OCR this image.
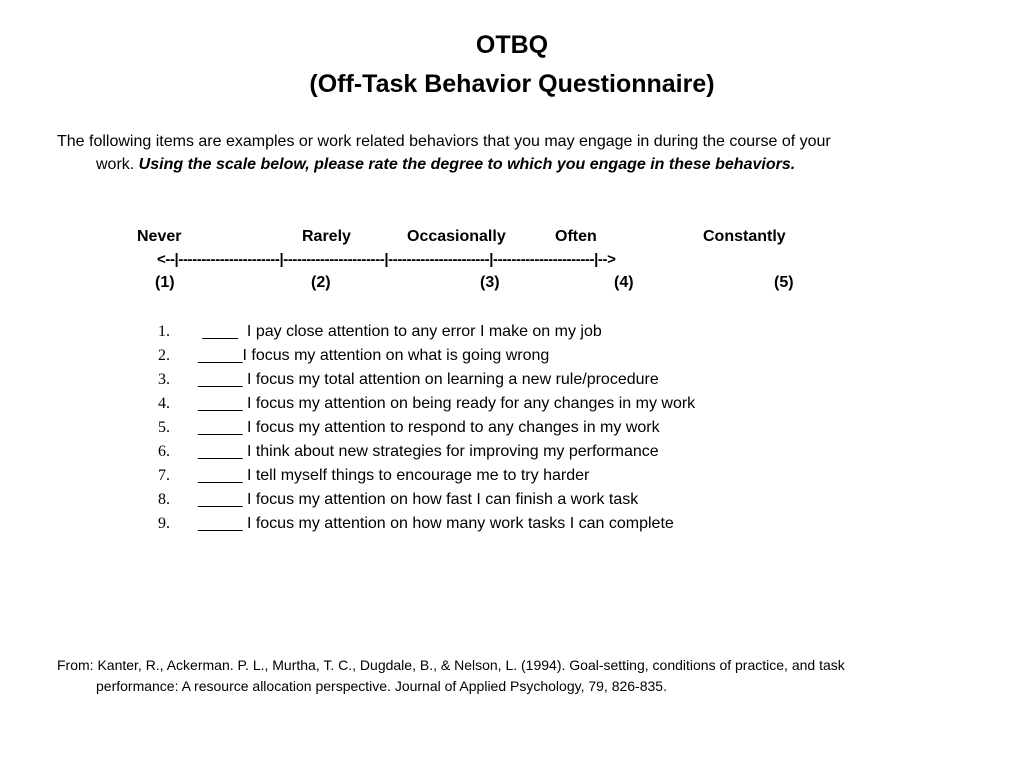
OTBQ
(Off-Task Behavior Questionnaire)
The following items are examples or work related behaviors that you may engage in during the course of your
work. Using the scale below, please rate the degree to which you engage in these behaviors.
Never	Rarely	Occasionally	Often	Constantly
<--|----------------------|----------------------|----------------------|----------------------|-->
(1)	(2)	(3)	(4)	(5)
1.	____  I pay close attention to any error I make on my job
2.	_____I focus my attention on what is going wrong
3.	_____ I focus my total attention on learning a new rule/procedure
4.	_____ I focus my attention on being ready for any changes in my work
5.	_____ I focus my attention to respond to any changes in my work
6.	_____ I think about new strategies for improving my performance
7.	_____ I tell myself things to encourage me to try harder
8.	_____ I focus my attention on how fast I can finish a work task
9.	_____ I focus my attention on how many work tasks I can complete
From: Kanter, R., Ackerman. P. L., Murtha, T. C., Dugdale, B., & Nelson, L. (1994). Goal-setting, conditions of practice, and task
performance: A resource allocation perspective. Journal of Applied Psychology, 79, 826-835.
